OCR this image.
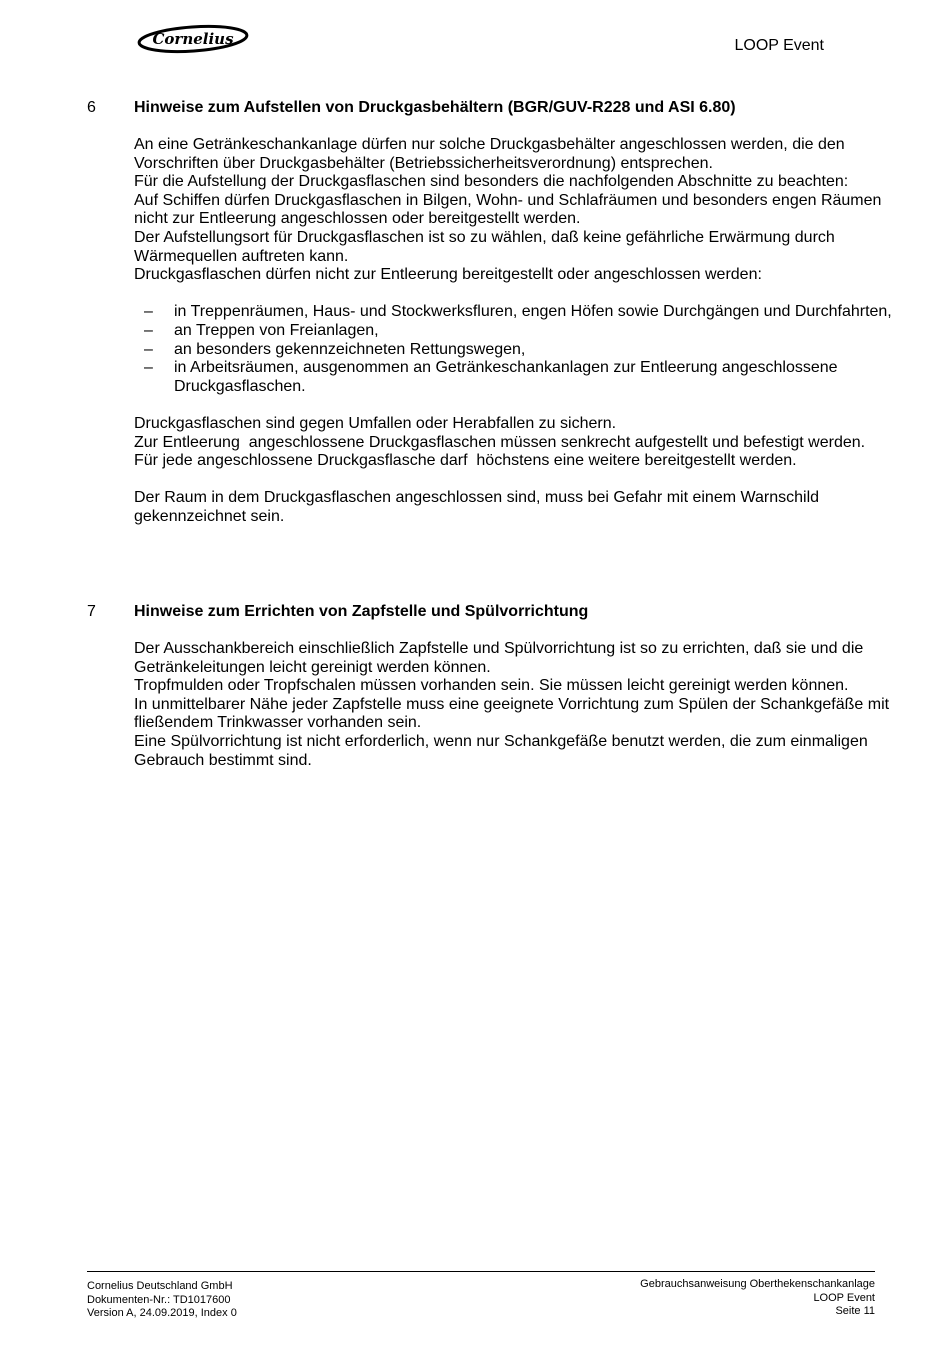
Cornelius	LOOP Event
6 Hinweise zum Aufstellen von Druckgasbehältern (BGR/GUV-R228 und ASI 6.80)

An eine Getränkeschankanlage dürfen nur solche Druckgasbehälter angeschlossen werden, die den Vorschriften über Druckgasbehälter (Betriebssicherheitsverordnung) entsprechen.

Für die Aufstellung der Druckgasflaschen sind besonders die nachfolgenden Abschnitte zu beachten:

Auf Schiffen dürfen Druckgasflaschen in Bilgen, Wohn- und Schlafräumen und besonders engen Räumen nicht zur Entleerung angeschlossen oder bereitgestellt werden.

Der Aufstellungsort für Druckgasflaschen ist so zu wählen, daß keine gefährliche Erwärmung durch Wärmequellen auftreten kann.

Druckgasflaschen dürfen nicht zur Entleerung bereitgestellt oder angeschlossen werden:

– in Treppenräumen, Haus- und Stockwerksfluren, engen Höfen sowie Durchgängen und Durchfahrten,
– an Treppen von Freianlagen,
– an besonders gekennzeichneten Rettungswegen,
– in Arbeitsräumen, ausgenommen an Getränkeschankanlagen zur Entleerung angeschlossene Druckgasflaschen.

Druckgasflaschen sind gegen Umfallen oder Herabfallen zu sichern.

Zur Entleerung  angeschlossene Druckgasflaschen müssen senkrecht aufgestellt und befestigt werden.

Für jede angeschlossene Druckgasflasche darf  höchstens eine weitere bereitgestellt werden.

Der Raum in dem Druckgasflaschen angeschlossen sind, muss bei Gefahr mit einem Warnschild gekennzeichnet sein.

7 Hinweise zum Errichten von Zapfstelle und Spülvorrichtung

Der Ausschankbereich einschließlich Zapfstelle und Spülvorrichtung ist so zu errichten, daß sie und die Getränkeleitungen leicht gereinigt werden können.

Tropfmulden oder Tropfschalen müssen vorhanden sein. Sie müssen leicht gereinigt werden können.

In unmittelbarer Nähe jeder Zapfstelle muss eine geeignete Vorrichtung zum Spülen der Schankgefäße mit fließendem Trinkwasser vorhanden sein.

Eine Spülvorrichtung ist nicht erforderlich, wenn nur Schankgefäße benutzt werden, die zum einmaligen Gebrauch bestimmt sind.

Cornelius Deutschland GmbH
Dokumenten-Nr.: TD1017600
Version A, 24.09.2019, Index 0
Gebrauchsanweisung Oberthekenschankanlage
LOOP Event
Seite 11
